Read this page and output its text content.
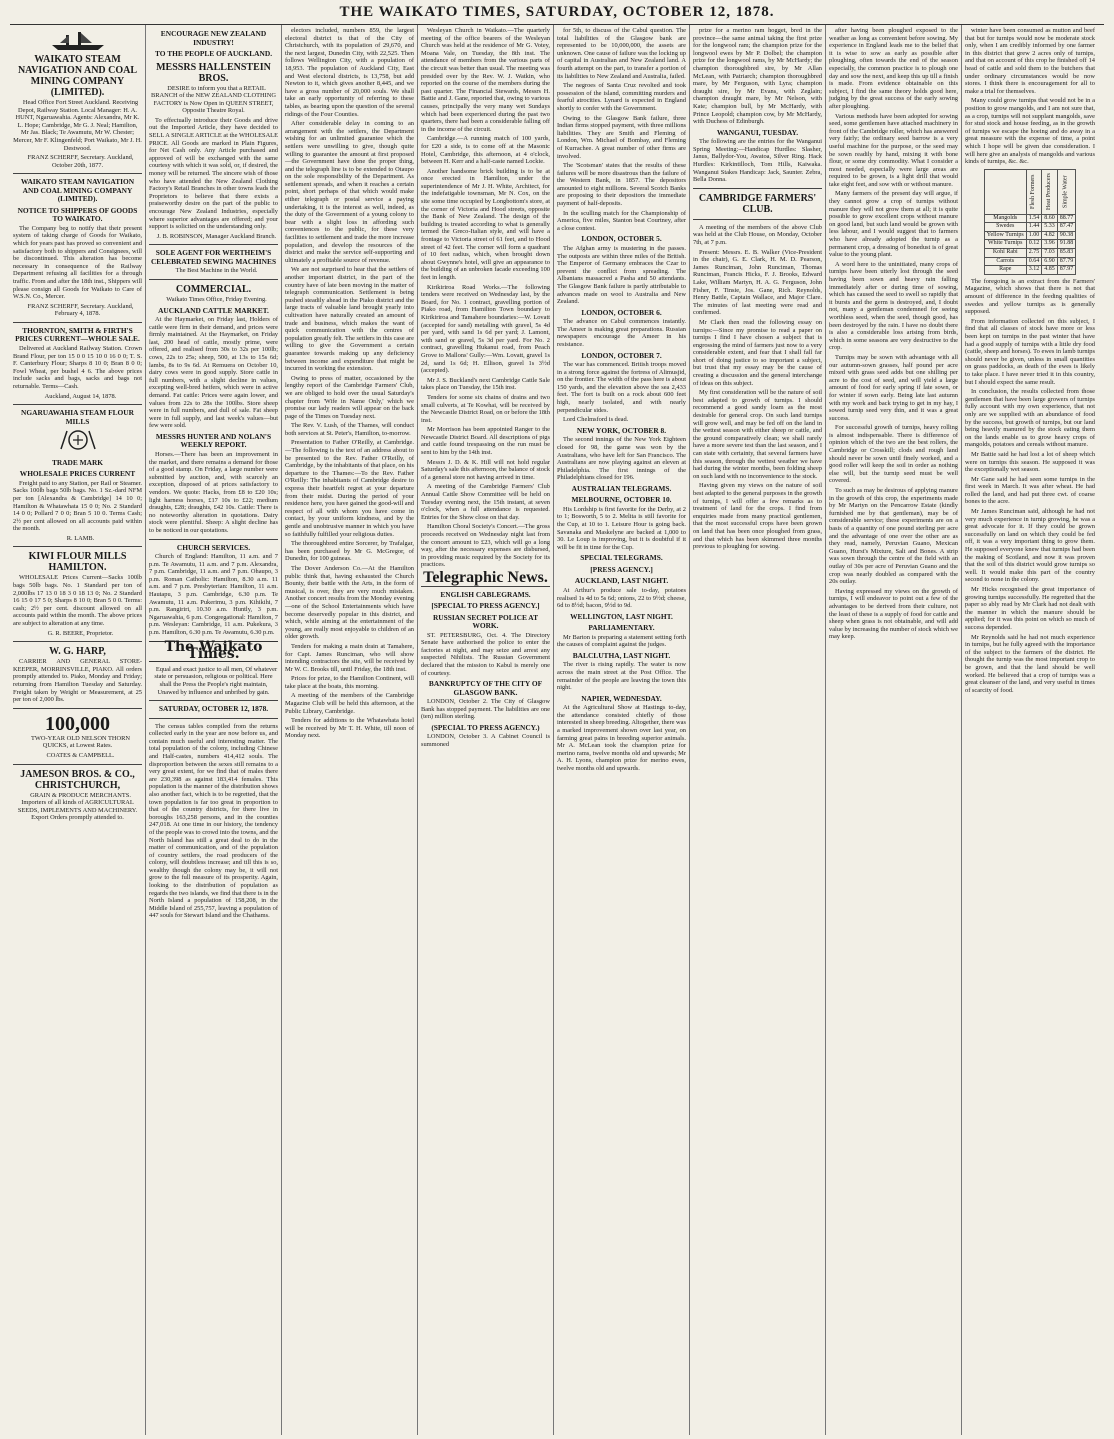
THE WAIKATO TIMES, SATURDAY, OCTOBER 12, 1878.
WAIKATO STEAM NAVIGATION AND COAL MINING COMPANY (LIMITED).

Head Office Fort Street Auckland. Receiving Depot, Railway Station. Local Manager: H. A. HUNT, Ngaruawahia. Agents: Alexandra, Mr K. L. Hope; Cambridge, Mr G. J. Neal; Hamilton, Mr Jas. Black; Te Awamutu, Mr W. Chester; Mercer, Mr F. Klingenfeld; Port Waikato, Mr J. H. Destwood.

FRANZ SCHERFF, Secretary. Auckland, October 20th, 1877.

WAIKATO STEAM NAVIGATION AND COAL MINING COMPANY (LIMITED).
NOTICE TO SHIPPERS OF GOODS TO WAIKATO.

The Company beg to notify that their present system of taking charge of Goods for Waikato, which for years past has proved so convenient and satisfactory both to shippers and Consignees, will be discontinued. This alteration has become necessary in consequence of the Railway Department refusing all facilities for a through traffic. From and after the 18th inst., Shippers will please consign all Goods for Waikato to Care of W.S.N. Co., Mercer.

FRANZ SCHERFF, Secretary. Auckland, February 4, 1878.

THORNTON, SMITH & FIRTH'S PRICES CURRENT—WHOLE SALE.

Delivered at Auckland Railway Station. Crown Brand Flour, per ton 15 0 0 15 10 0 16 0 0; T. S. F. Canterbury Flour; Sharps 8 10 0; Bran 8 0 0; Fowl Wheat, per bushel 4 6. The above prices include sacks and bags, sacks and bags not returnable. Terms—Cash.

Auckland, August 14, 1878.

NGARUAWAHIA STEAM FLOUR MILLS
TRADE MARK
WHOLESALE PRICES CURRENT

Freight paid to any Station, per Rail or Steamer. Sacks 100lb bags 50lb bags. No. 1 Sz.-dard NFM per ton [Alexandra & Cambridge] 14 10 0; Hamilton & Whatawhata 15 0 0; No. 2 Standard 14 0 0; Pollard 7 0 0; Bran 5 10 0. Terms Cash; 2½ per cent allowed on all accounts paid within the month.

R. LAMB.

KIWI FLOUR MILLS HAMILTON.

WHOLESALE Prices Current—Sacks 100lb bags 50lb bags. No. 1 Standard per ton of 2,000lbs 17 13 0 18 3 0 18 13 0; No. 2 Standard 16 15 0 17 5 0; Sharps 8 10 0; Bran 5 0 0. Terms: cash; 2½ per cent. discount allowed on all accounts paid within the month. The above prices are subject to alteration at any time.

G. R. BEERE, Proprietor.

W. G. HARP,

CARRIER AND GENERAL STORE-KEEPER, MORRINSVILLE, PIAKO. All orders promptly attended to. Piako, Monday and Friday; returning from Hamilton Tuesday and Saturday. Freight taken by Weight or Measurement, at 25 per ton of 2,000 lbs.

100,000

TWO-YEAR OLD NELSON THORN QUICKS, at Lowest Rates.

COATES & CAMPBELL.

JAMESON BROS. & CO., CHRISTCHURCH,

GRAIN & PRODUCE MERCHANTS. Importers of all kinds of AGRICULTURAL SEEDS, IMPLEMENTS AND MACHINERY. Export Orders promptly attended to.

ENCOURAGE NEW ZEALAND INDUSTRY!
TO THE PEOPLE OF AUCKLAND.
MESSRS HALLENSTEIN BROS.

DESIRE to inform you that a RETAIL BRANCH of the NEW ZEALAND CLOTHING FACTORY is Now Open in QUEEN STREET, Opposite Theatre Royal.

To effectually introduce their Goods and drive out the Imported Article, they have decided to SELL A SINGLE ARTICLE at the WHOLESALE PRICE. All Goods are marked in Plain Figures, for Net Cash only. Any Article purchased and approved of will be exchanged with the same courtesy with which it was sold, or, if desired, the money will be returned. The sincere wish of those who have attended the New Zealand Clothing Factory's Retail Branches in other towns leads the Proprietors to believe that there exists a praiseworthy desire on the part of the public to encourage New Zealand Industries, especially where superior advantages are offered; and your support is solicited on the understanding only.

J. B. ROBINSON, Manager Auckland Branch.

SOLE AGENT FOR WERTHEIM'S CELEBRATED SEWING MACHINES

The Best Machine in the World.

COMMERCIAL.

Waikato Times Office, Friday Evening.

AUCKLAND CATTLE MARKET.

At the Haymarket, on Friday last, Holders of cattle were firm in their demand, and prices were firmly maintained. At the Haymarket, on Friday last, 200 head of cattle, mostly prime, were offered, and realised from 30s to 32s per 100lb; cows, 22s to 25s; sheep, 500, at 13s to 15s 6d; lambs, 8s to 9s 6d. At Remuera on October 10, dairy cows were in good supply. Store cattle in full numbers, with a slight decline in values, excepting well-bred heifers, which were in active demand. Fat cattle: Prices were again lower, and values from 22s to 28s the 100lbs. Store sheep were in full numbers, and dull of sale. Fat sheep were in full supply, and last week's values—but few were sold.

MESSRS HUNTER AND NOLAN'S WEEKLY REPORT.

Horses.—There has been an improvement in the market, and there remains a demand for those of a good stamp. On Friday, a large number were submitted by auction, and, with scarcely an exception, disposed of at prices satisfactory to vendors. We quote: Hacks, from £8 to £20 10s; light harness horses, £17 10s to £22; medium draughts, £28; draughts, £42 10s. Cattle: There is no noteworthy alteration in quotations. Dairy stock were plentiful. Sheep: A slight decline has to be noticed in our quotations.

CHURCH SERVICES.

Church of England: Hamilton, 11 a.m. and 7 p.m. Te Awamutu, 11 a.m. and 7 p.m. Alexandra, 7 p.m. Cambridge, 11 a.m. and 7 p.m. Ohaupo, 3 p.m. Roman Catholic: Hamilton, 8.30 a.m. 11 a.m. and 7 p.m. Presbyterian: Hamilton, 11 a.m. Hautapu, 3 p.m. Cambridge, 6.30 p.m. Te Awamutu, 11 a.m. Pukerimu, 3 p.m. Kihikihi, 7 p.m. Rangiriri, 10.30 a.m. Huntly, 3 p.m. Ngaruawahia, 6 p.m. Congregational: Hamilton, 7 p.m. Wesleyan: Cambridge, 11 a.m. Pukekura, 3 p.m. Hamilton, 6.30 p.m. Te Awamutu, 6.30 p.m.

The Waikato Times.

Equal and exact justice to all men, Of whatever state or persuasion, religious or political. Here shall the Press the People's right maintain, Unawed by influence and unbribed by gain.

SATURDAY, OCTOBER 12, 1878.

The census tables compiled from the returns collected early in the year are now before us, and contain much useful and interesting matter. The total population of the colony, including Chinese and Half-castes, numbers 414,412 souls. The disproportion between the sexes still remains to a very great extent, for we find that of males there are 230,398 as against 183,414 females. This population is the manner of the distribution shows also another fact, which is to be regretted, that the town population is far too great in proportion to that of the country districts, for there live in boroughs 163,258 persons, and in the counties 247,018. At one time in our history, the tendency of the people was to crowd into the towns, and the North Island has still a great deal to do in the matter of communication, and of the population of country settlers, the road producers of the colony, will doubtless increase; and till this is so, wealthy though the colony may be, it will not grow to the full measure of its prosperity. Again, looking to the distribution of population as regards the two islands, we find that there is in the North Island a population of 158,208, in the Middle Island of 255,757, leaving a population of 447 souls for Stewart Island and the Chathams.

electors included, numbers 859, the largest electoral district is that of the City of Christchurch, with its population of 29,670, and the next largest, Dunedin City, with 22,525. Then follows Wellington City, with a population of 18,953. The population of Auckland City, East and West electoral districts, is 13,758, but add Newton to it, which gives another 8,445, and we have a gross number of 20,000 souls. We shall take an early opportunity of referring to these tables, as bearing upon the question of the several ridings of the Four Counties.

After considerable delay in coming to an arrangement with the settlers, the Department wishing for an unlimited guarantee which the settlers were unwilling to give, though quite willing to guarantee the amount at first proposed—the Government have done the proper thing, and the telegraph line is to be extended to Otaupo on the sole responsibility of the Department. As settlement spreads, and when it reaches a certain point, short perhaps of that which would make either telegraph or postal service a paying undertaking, it is the interest as well, indeed, as the duty of the Government of a young colony to bear with a slight loss in affording such conveniences to the public, for these very facilities to settlement and trade the more increase population, and develop the resources of the district and make the service self-supporting and ultimately a profitable source of revenue.

We are not surprised to hear that the settlers of another important district, in the part of the country have of late been moving in the matter of telegraph communication. Settlement is being pushed steadily ahead in the Piako district and the large tracts of valuable land brought yearly into cultivation have naturally created an amount of trade and business, which makes the want of quick communication with the centres of population greatly felt. The settlers in this case are willing to give the Government a certain guarantee towards making up any deficiency between income and expenditure that might be incurred in working the extension.

Owing to press of matter, occasioned by the lengthy report of the Cambridge Farmers' Club, we are obliged to hold over the usual Saturday's chapter from 'Wife in Name Only,' which we promise our lady readers will appear on the back page of the Times on Tuesday next.

The Rev. V. Lush, of the Thames, will conduct both services at St. Peter's, Hamilton, to-morrow.

Presentation to Father O'Reilly, at Cambridge.—The following is the text of an address about to be presented to the Rev. Father O'Reilly, of Cambridge, by the inhabitants of that place, on his departure to the Thames:—To the Rev. Father O'Reilly: The inhabitants of Cambridge desire to express their heartfelt regret at your departure from their midst. During the period of your residence here, you have gained the good-will and respect of all with whom you have come in contact, by your uniform kindness, and by the gentle and unobtrusive manner in which you have so faithfully fulfilled your religious duties.

The thoroughbred entire Sorcerer, by Trafalgar, has been purchased by Mr G. McGregor, of Dunedin, for 100 guineas.

The Dover Anderson Co.—At the Hamilton public think that, having exhausted the Church Bounty, their battle with the Arts, in the form of musical, is over, they are very much mistaken. Another concert results from the Monday evening—one of the School Entertainments which have become deservedly popular in this district, and which, while aiming at the entertainment of the young, are really most enjoyable to children of an older growth.

Tenders for making a main drain at Tamahere, for Capt. James Runciman, who will show intending contractors the site, will be received by Mr W. C. Brooks till, until Friday, the 18th inst.

Prices for prize, to the Hamilton Continent, will take place at the boats, this morning.

A meeting of the members of the Cambridge Magazine Club will be held this afternoon, at the Public Library, Cambridge.

Tenders for additions to the Whatawhata hotel will be received by Mr T. H. White, till noon of Monday next.

Wesleyan Church in Waikato.—The quarterly meeting of the office bearers of the Wesleyan Church was held at the residence of Mr G. Votey, Moana Vale, on Tuesday, the 8th inst. The attendance of members from the various parts of the circuit was better than usual. The meeting was presided over by the Rev. W. J. Watkin, who reported on the course of the members during the past quarter. The Financial Stewards, Messrs H. Battie and J. Gane, reported that, owing to various causes, principally the very many wet Sundays which had been experienced during the past two quarters, there had been a considerable falling off in the income of the circuit.

Cambridge.—A running match of 100 yards, for £20 a side, is to come off at the Masonic Hotel, Cambridge, this afternoon, at 4 o'clock, between H. Kerr and a half-caste named Lockie.

Another handsome brick building is to be at once erected in Hamilton, under the superintendence of Mr J. H. White, Architect, for the indefatigable townsman, Mr N. Cox, on the site some time occupied by Longbottom's store, at the corner of Victoria and Hood streets, opposite the Bank of New Zealand. The design of the building is treated according to what is generally termed the Greco-Italian style, and will have a frontage to Victoria street of 61 feet, and to Hood street of 42 feet. The corner will form a quadrant of 10 feet radius, which, when brought down about Gwynne's hotel, will give an appearance to the building of an unbroken facade exceeding 100 feet in length.

Kirikiriroa Road Works.—The following tenders were received on Wednesday last, by the Board, for No. 1 contract, gravelling portion of Piako road, from Hamilton Town boundary to Kirikiriroa and Tamahere boundaries:—W. Lovatt (accepted for sand) metalling with gravel, 5s 4d per yard, with sand 1s 6d per yard; J. Lamont, with sand or gravel, 5s 3d per yard. For No. 2 contract, gravelling Hukanui road, from Peach Grove to Mallons' Gully:—Wm. Lovatt, gravel 1s 2d, sand 1s 6d; H. Ellison, gravel 1s 3½d (accepted).

Mr J. S. Buckland's next Cambridge Cattle Sale takes place on Tuesday, the 15th inst.

Tenders for some six chains of drains and two small culverts, at Te Kowhai, will be received by the Newcastle District Road, on or before the 18th inst.

Mr Morrison has been appointed Ranger to the Newcastle District Board. All descriptions of pigs and cattle found trespassing on the run must be sent to him by the 14th inst.

Messrs J. D. & K. Hill will not hold regular Saturday's sale this afternoon, the balance of stock of a general store not having arrived in time.

A meeting of the Cambridge Farmers' Club Annual Cattle Show Committee will be held on Tuesday evening next, the 15th instant, at seven o'clock, when a full attendance is requested. Entries for the Show close on that day.

Hamilton Choral Society's Concert.—The gross proceeds received on Wednesday night last from the concert amount to £23, which will go a long way, after the necessary expenses are disbursed, in providing music required by the Society for its practices.

Telegraphic News.
ENGLISH CABLEGRAMS.
[SPECIAL TO PRESS AGENCY.]
RUSSIAN SECRET POLICE AT WORK.

ST. PETERSBURG, Oct. 4. The Directory Senate have authorised the police to enter the factories at night, and may seize and arrest any suspected Nihilists. The Russian Government declared that the mission to Kabul is merely one of courtesy.

BANKRUPTCY OF THE CITY OF GLASGOW BANK.

LONDON, October 2. The City of Glasgow Bank has stopped payment. The liabilities are one (ten) million sterling.

(SPECIAL TO PRESS AGENCY.)

LONDON, October 3. A Cabinet Council is summoned

for 5th, to discuss of the Cabul question. The total liabilities of the Glasgow bank are represented to be 10,000,000, the assets are unknown. One cause of failure was the locking up of capital in Australian and New Zealand land. A fourth attempt on the part, to transfer a portion of its liabilities to New Zealand and Australia, failed.

The negroes of Santa Cruz revolted and took possession of the island, committing murders and fearful atrocities. Lynard is expected in England shortly to confer with the Government.

Owing to the Glasgow Bank failure, three Indian firms stopped payment, with three millions liabilities. They are Smith and Fleming of London, Wm. Michael of Bombay, and Fleming of Kurrachee. A great number of other firms are involved.

The 'Scotsman' states that the results of these failures will be more disastrous than the failure of the Western Bank, in 1857. The depositors amounted to eight millions. Several Scotch Banks are proposing to their depositors the immediate payment of half-deposits.

In the sculling match for the Championship of America, five miles, Stanton beat Courtney, after a close contest.

LONDON, OCTOBER 5.

The Afghan army is mustering in the passes. The outposts are within three miles of the British. The Emperor of Germany embraces the Czar to prevent the conflict from spreading. The Albanians massacred a Pasha and 50 attendants. The Glasgow Bank failure is partly attributable to advances made on wool to Australia and New Zealand.

LONDON, OCTOBER 6.

The advance on Cabul commences instantly. The Ameer is making great preparations. Russian newspapers encourage the Ameer in his resistance.

LONDON, OCTOBER 7.

The war has commenced. British troops moved in a strong force against the fortress of Alimusjid, on the frontier. The width of the pass here is about 150 yards, and the elevation above the sea 2,433 feet. The fort is built on a rock about 600 feet high, nearly isolated, and with nearly perpendicular sides.

Lord Chelmsford is dead.

NEW YORK, OCTOBER 8.

The second innings of the New York Eighteen closed for 98, the game was won by the Australians, who have left for San Francisco. The Australians are now playing against an eleven at Philadelphia. The first innings of the Philadelphians closed for 196.

AUSTRALIAN TELEGRAMS.
MELBOURNE, OCTOBER 10.

His Lordship is first favorite for the Derby, at 2 to 1; Bosworth, 5 to 2. Melita is still favorite for the Cup, at 10 to 1. Leisure Hour is going back. Savanaka and Maskelyne are backed at 1,000 to 30. Le Loup is improving, but it is doubtful if it will be fit in time for the Cup.

SPECIAL TELEGRAMS.
[PRESS AGENCY.]
AUCKLAND, LAST NIGHT.

At Arthur's produce sale to-day, potatoes realised 1s 4d to 5s 6d; onions, 22 to 9½d; cheese, 6d to 8½d; bacon, 9½d to 9d.

WELLINGTON, LAST NIGHT.
PARLIAMENTARY.

Mr Barton is preparing a statement setting forth the causes of complaint against the judges.

BALCLUTHA, LAST NIGHT.

The river is rising rapidly. The water is now across the main street at the Post Office. The remainder of the people are leaving the town this night.

NAPIER, WEDNESDAY.

At the Agricultural Show at Hastings to-day, the attendance consisted chiefly of those interested in sheep breeding. Altogether, there was a marked improvement shown over last year, on farming great pains in breeding superior animals. Mr A. McLean took the champion prize for merino rams, twelve months old and upwards; Mr A. H. Lyons, champion prize for merino ewes, twelve months old and upwards.

prize for a merino ram hogget, bred in the province—the same animal taking the first prize for the longwool ram; the champion prize for the longwool ewes by Mr P. Dolbel; the champion prize for the longwool rams, by Mr McHardy; the champion thoroughbred sire, by Mr Allan McLean, with Patriarch; champion thoroughbred mare, by Mr Ferguson, with Lyra; champion draught sire, by Mr Evans, with Zeglain; champion draught mare, by Mr Nelson, with Kate; champion bull, by Mr McHardy, with Prince Leopold; champion cow, by Mr McHardy, with Duchess of Edinburgh.

WANGANUI, TUESDAY.

The following are the entries for the Wanganui Spring Meeting:—Handicap Hurdles: Slasher, Janus, Ballydor-You, Awatoa, Silver Ring. Hack Hurdles: Kirkintilloch, Tom Hills, Kaiwaka. Wanganui Stakes Handicap: Jack, Saunter. Zebra, Bella Donna.

CAMBRIDGE FARMERS' CLUB.

A meeting of the members of the above Club was held at the Club House, on Monday, October 7th, at 7 p.m.

Present: Messrs. E. B. Walker (Vice-President in the chair), G. E. Clark, H. M. D. Pearson, James Runciman, John Runciman, Thomas Runciman, Francis Hicks, F. J. Brooks, Edward Lake, William Martyn, H. A. G. Ferguson, John Fisher, F. Tinsie, Jos. Gane, Rich. Reynolds, Henry Battle, Captain Wallace, and Major Clare. The minutes of last meeting were read and confirmed.

Mr Clark then read the following essay on turnips:—Since my promise to read a paper on turnips I find I have chosen a subject that is engrossing the mind of farmers just now to a very considerable extent, and fear that I shall fall far short of doing justice to so important a subject, but trust that my essay may be the cause of creating a discussion and the general interchange of ideas on this subject.

My first consideration will be the nature of soil best adapted to growth of turnips. I should recommend a good sandy loam as the most desirable for general crop. On such land turnips will grow well, and may be fed off on the land in the wettest season with either sheep or cattle, and the ground comparatively clean; we shall rarely have a more severe test than the last season, and I can state with certainty, that several farmers have this season, through the wettest weather we have had during the winter months, been folding sheep on such land with no inconvenience to the stock.

Having given my views on the nature of soil best adapted to the general purposes in the growth of turnips, I will offer a few remarks as to treatment of land for the crops. I find from enquiries made from many practical gentlemen, that the most successful crops have been grown on land that has been once ploughed from grass, and that which has been skimmed three months previous to ploughing for sowing.

after having been ploughed exposed to the weather as long as convenient before sowing. My experience in England leads me to the belief that it is wise to sow as early as possible after ploughing, often towards the end of the season especially, the common practice is to plough one day and sow the next, and keep this up till a finish is made. From evidence obtainable on this subject, I find the same theory holds good here, judging by the great success of the early sowing after ploughing.

Various methods have been adopted for sowing seed, some gentlemen have attached machinery in front of the Cambridge roller, which has answered very fairly; the ordinary seed barrow is a very useful machine for the purpose, or the seed may be sown readily by hand, mixing it with bone flour, or some dry commodity. What I consider a most needed, especially were large areas are required to be grown, is a light drill that would take eight feet, and sow with or without manure.

Many farmers of the present day will argue, if they cannot grow a crop of turnips without manure they will not grow them at all; it is quite possible to grow excellent crops without manure on good land, but such land would be grown with less labour, and I would suggest that to farmers who have already adopted the turnip as a permanent crop, a dressing of bonedust is of great value to the young plant.

A word here to the uninitiated, many crops of turnips have been utterly lost through the seed having been sown and heavy rain falling immediately after or during time of sowing, which has caused the seed to swell so rapidly that it bursts and the germ is destroyed, and, I doubt not, many a gentleman condemned for seeing worthless seed, when the seed, though good, has been destroyed by the rain. I have no doubt there is also a considerable loss arising from birds, which in some seasons are very destructive to the crop.

Turnips may be sown with advantage with all our autumn-sown grasses, half pound per acre mixed with grass seed adds but one shilling per acre to the cost of seed, and will yield a large amount of food for early spring if late sown, or for winter if sown early. Being late last autumn with my work and back trying to get in my hay, I sowed turnip seed very thin, and it was a great success.

For successful growth of turnips, heavy rolling is almost indispensable. There is difference of opinion which of the two are the best rollers, the Cambridge or Crosskill; clods and rough land should never be sown until finely worked, and a good roller will keep the soil in order as nothing else will, but the turnip seed must be well covered.

To such as may be desirous of applying manure in the growth of this crop, the experiments made by Mr Martyn on the Pencarrow Estate (kindly furnished me by that gentleman), may be of considerable service; these experiments are on a basis of a quantity of one pound sterling per acre and the advantage of one over the other are as they read, namely, Peruvian Guano, Mexican Guano, Hurst's Mixture, Salt and Bones. A strip was sown through the centre of the field with an outlay of 30s per acre of Peruvian Guano and the crop was nearly doubled as compared with the 20s outlay.

Having expressed my views on the growth of turnips, I will endeavor to point out a few of the advantages to be derived from their culture, not the least of these is a supply of food for cattle and sheep when grass is not obtainable, and will add value by increasing the number of stock which we may keep.

winter have been consumed as mutton and beef that but for turnips would now be moderate stock only, when I am credibly informed by one farmer in this district that grew 2 acres only of turnips, and that on account of this crop he finished off 14 head of cattle and sold them to the butchers that under ordinary circumstances would be now stores. I think there is encouragement for all to make a trial for themselves.

Many could grow turnips that would not be in a position to grow mangolds, and I am not sure that, as a crop, turnips will not supplant mangolds, save for stud stock and house feeding, as in the growth of turnips we escape the hoeing and do away in a great measure with the expense of time, a point which I hope will be given due consideration. I will here give an analysis of mangolds and various kinds of turnips, &c. &c.

	Flesh Formers	Heat Producers	Simple Water
Mangolds	1.54	8.60	88.77
Swedes	1.44	5.33	87.47
Yellow Turnips	1.00	4.82	90.38
White Turnips	0.12	3.96	91.88
Kohl Rabi	2.75	7.03	85.83
Carrots	0.64	6.90	87.79
Rape	3.12	4.85	87.97

The foregoing is an extract from the Farmers' Magazine, which shows that there is not that amount of difference in the feeding qualities of swedes and yellow turnips as is generally supposed.

From information collected on this subject, I find that all classes of stock have more or less been kept on turnips in the past winter that have had a good supply of turnips with a little dry food (cattle, sheep and horses). To ewes in lamb turnips should never be given, unless in small quantities on grass paddocks, as death of the ewes is likely to take place. I have never tried it in this country, but I should expect the same result.

In conclusion, the results collected from those gentlemen that have been large growers of turnips fully account with my own experience, that not only are we supplied with an abundance of food by the success, but growth of turnips, but our land being heavily manured by the stock eating them on the lands enable us to grow heavy crops of mangolds, potatoes and cereals without manure.

Mr Battie said he had lost a lot of sheep which were on turnips this season. He supposed it was the exceptionally wet season.

Mr Gane said he had seen some turnips in the first week in March. It was after wheat. He had rolled the land, and had put three cwt. of coarse bones to the acre.

Mr James Runciman said, although he had not very much experience in turnip growing, he was a great advocate for it. If they could be grown successfully on land on which they could be fed off, it was a very important thing to grow them. He supposed everyone knew that turnips had been the making of Scotland, and now it was proven that the soil of this district would grow turnips so well. It would make this part of the country second to none in the colony.

Mr Hicks recognised the great importance of growing turnips successfully. He regretted that the paper so ably read by Mr Clark had not dealt with the manner in which the manure should be applied; for it was this point on which so much of success depended.

Mr Reynolds said he had not much experience in turnips, but he fully agreed with the importance of the subject to the farmers of the district. He thought the turnip was the most important crop to be grown, and that the land should be well worked. He believed that a crop of turnips was a great cleanser of the land, and very useful in times of scarcity of food.
